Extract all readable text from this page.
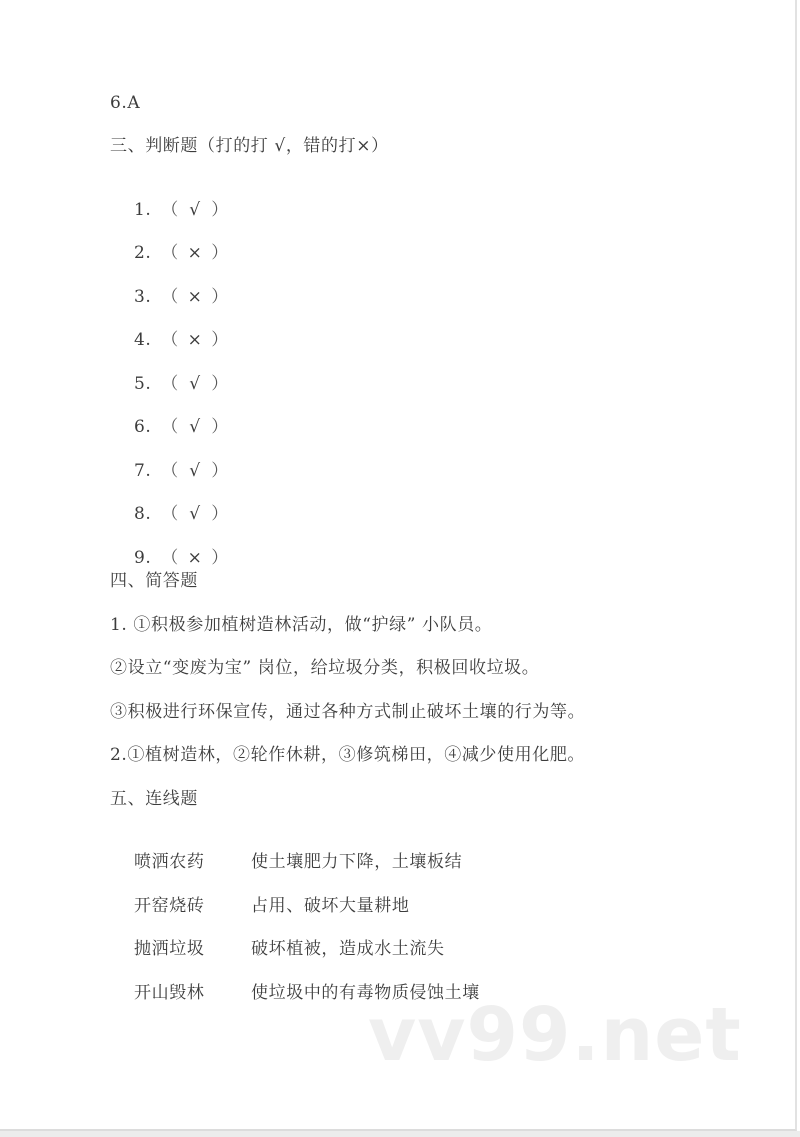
6.A
三、判断题（打的打 √，错的打×）

1. （ √ ）

2. （ × ）

3. （ × ）

4. （ × ）

5. （ √ ）

6. （ √ ）

7. （ √ ）

8. （ √ ）

9. （ × ）

四、简答题
1. ①积极参加植树造林活动，做“护绿” 小队员。
②设立“变废为宝” 岗位，给垃圾分类，积极回收垃圾。
③积极进行环保宣传，通过各种方式制止破坏土壤的行为等。
2.①植树造林，②轮作休耕，③修筑梯田，④减少使用化肥。
五、连线题

喷洒农药	使土壤肥力下降，土壤板结

开窑烧砖	占用、破坏大量耕地

抛洒垃圾	破坏植被，造成水土流失

开山毁林	使垃圾中的有毒物质侵蚀土壤

vv99.net
